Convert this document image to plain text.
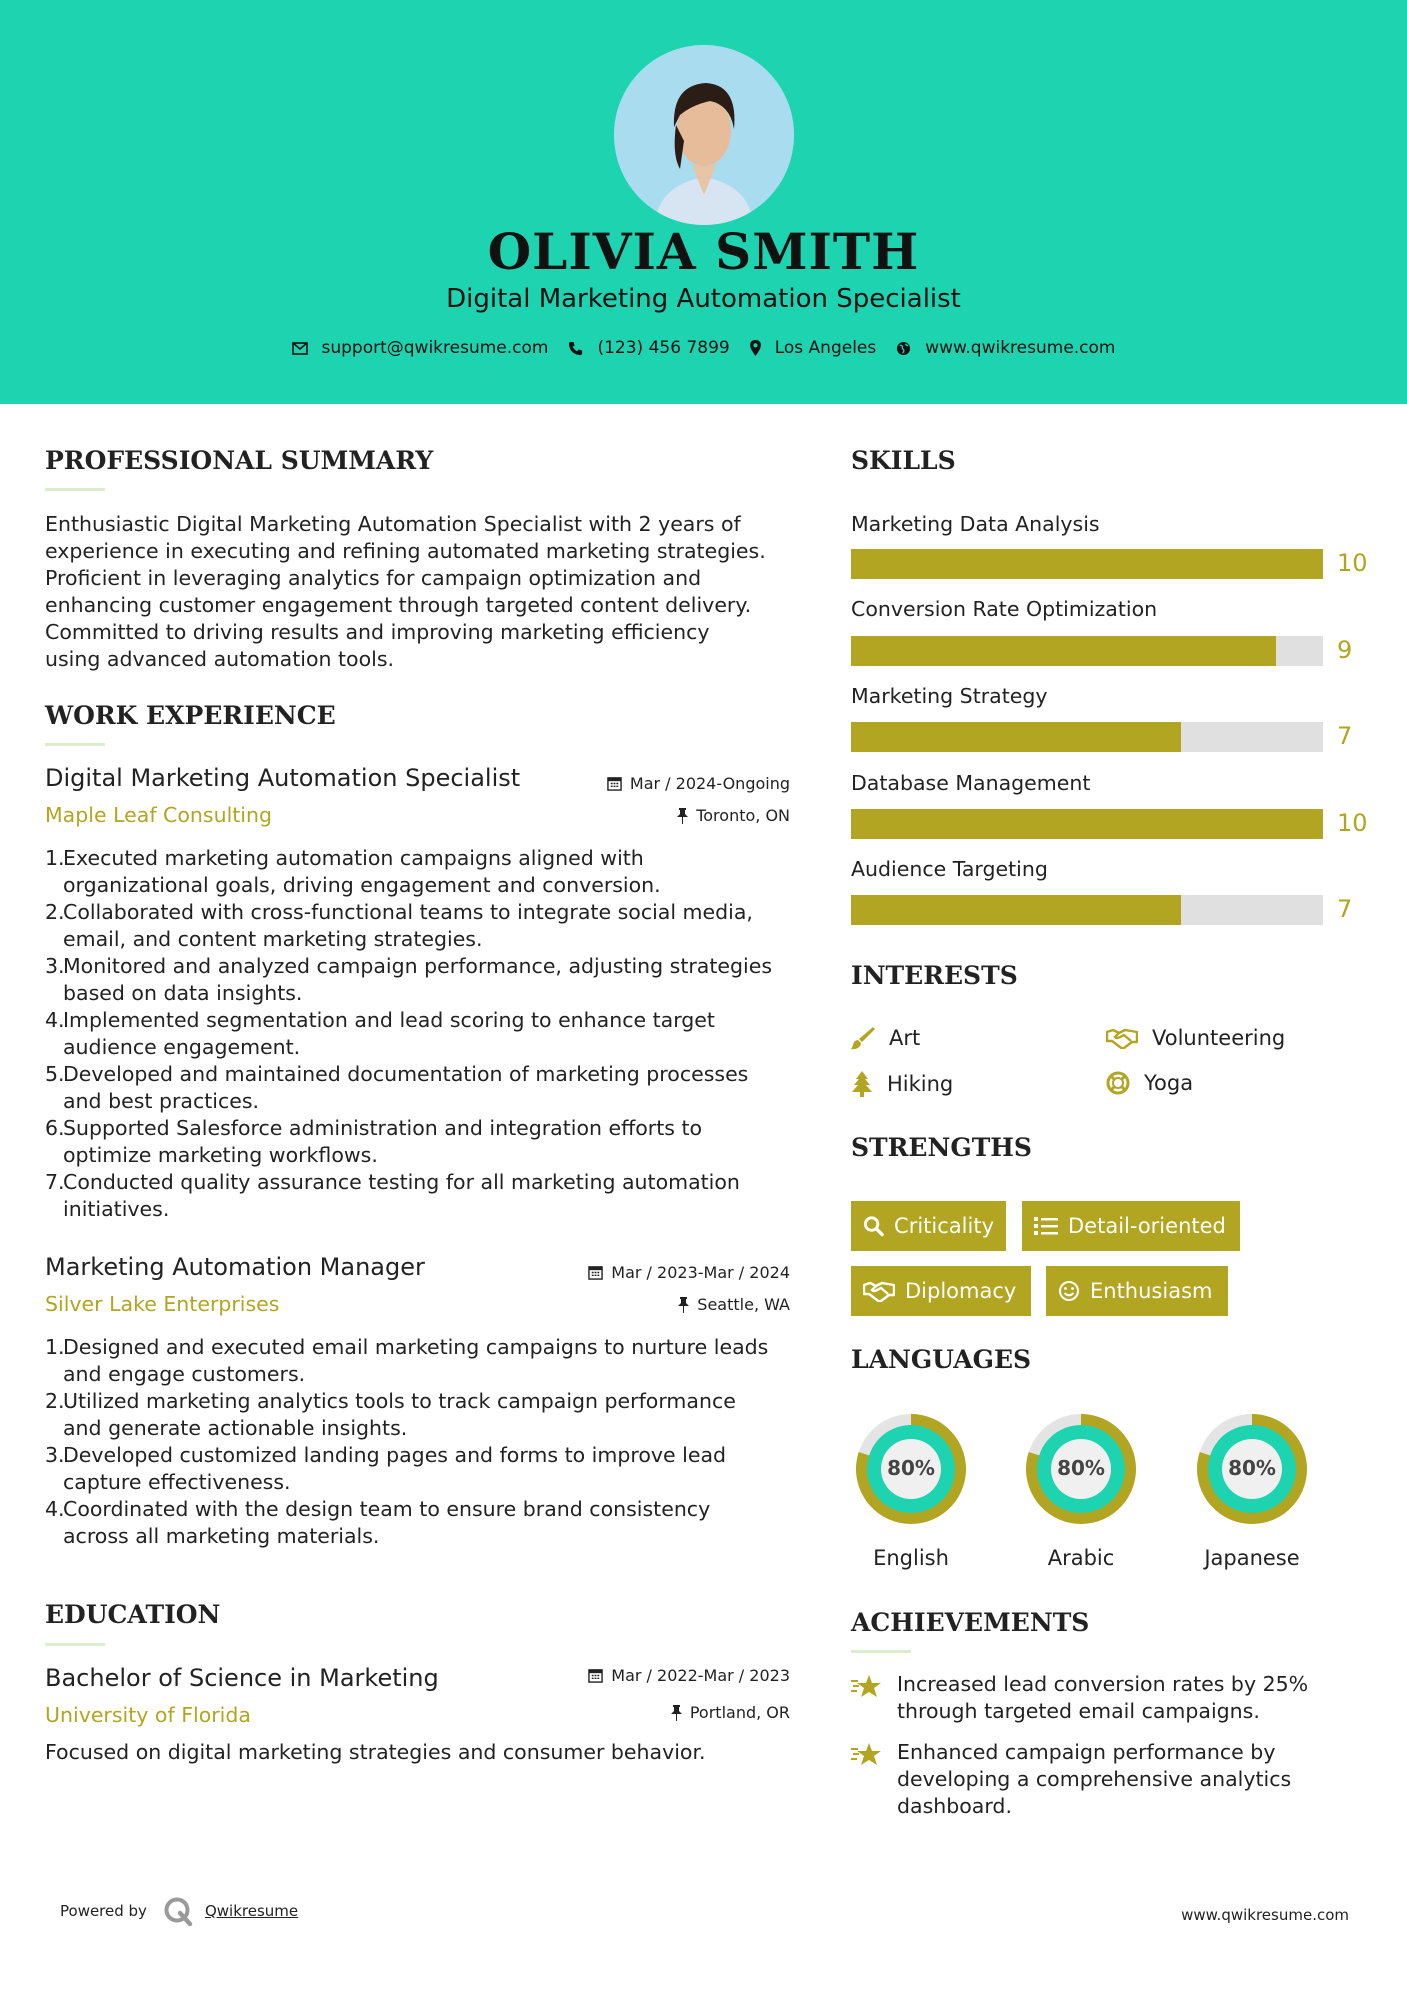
OLIVIA SMITH
Digital Marketing Automation Specialist
support@qwikresume.com	(123) 456 7899	Los Angeles	www.qwikresume.com
PROFESSIONAL SUMMARY
Enthusiastic Digital Marketing Automation Specialist with 2 years of
experience in executing and refining automated marketing strategies.
Proficient in leveraging analytics for campaign optimization and
enhancing customer engagement through targeted content delivery.
Committed to driving results and improving marketing efficiency
using advanced automation tools.
WORK EXPERIENCE
Digital Marketing Automation Specialist
Maple Leaf Consulting
Mar / 2024-Ongoing
Toronto, ON
1.
Executed marketing automation campaigns aligned with
organizational goals, driving engagement and conversion.
2.
Collaborated with cross-functional teams to integrate social media,
email, and content marketing strategies.
3.
Monitored and analyzed campaign performance, adjusting strategies
based on data insights.
4.
Implemented segmentation and lead scoring to enhance target
audience engagement.
5.
Developed and maintained documentation of marketing processes
and best practices.
6.
Supported Salesforce administration and integration efforts to
optimize marketing workflows.
7.
Conducted quality assurance testing for all marketing automation
initiatives.
Marketing Automation Manager
Silver Lake Enterprises
Mar / 2023-Mar / 2024
Seattle, WA
1.
Designed and executed email marketing campaigns to nurture leads
and engage customers.
2.
Utilized marketing analytics tools to track campaign performance
and generate actionable insights.
3.
Developed customized landing pages and forms to improve lead
capture effectiveness.
4.
Coordinated with the design team to ensure brand consistency
across all marketing materials.
EDUCATION
Bachelor of Science in Marketing
University of Florida
Mar / 2022-Mar / 2023
Portland, OR
Focused on digital marketing strategies and consumer behavior.
SKILLS
Marketing Data Analysis
10
Conversion Rate Optimization
9
Marketing Strategy
7
Database Management
10
Audience Targeting
7
INTERESTS
Art	Volunteering
Hiking	Yoga
STRENGTHS
Criticality	Detail-oriented
Diplomacy	Enthusiasm
LANGUAGES
80%
English
80%
Arabic
80%
Japanese
ACHIEVEMENTS
Increased lead conversion rates by 25%
through targeted email campaigns.
Enhanced campaign performance by
developing a comprehensive analytics
dashboard.
Powered by	Qwikresume	www.qwikresume.com
